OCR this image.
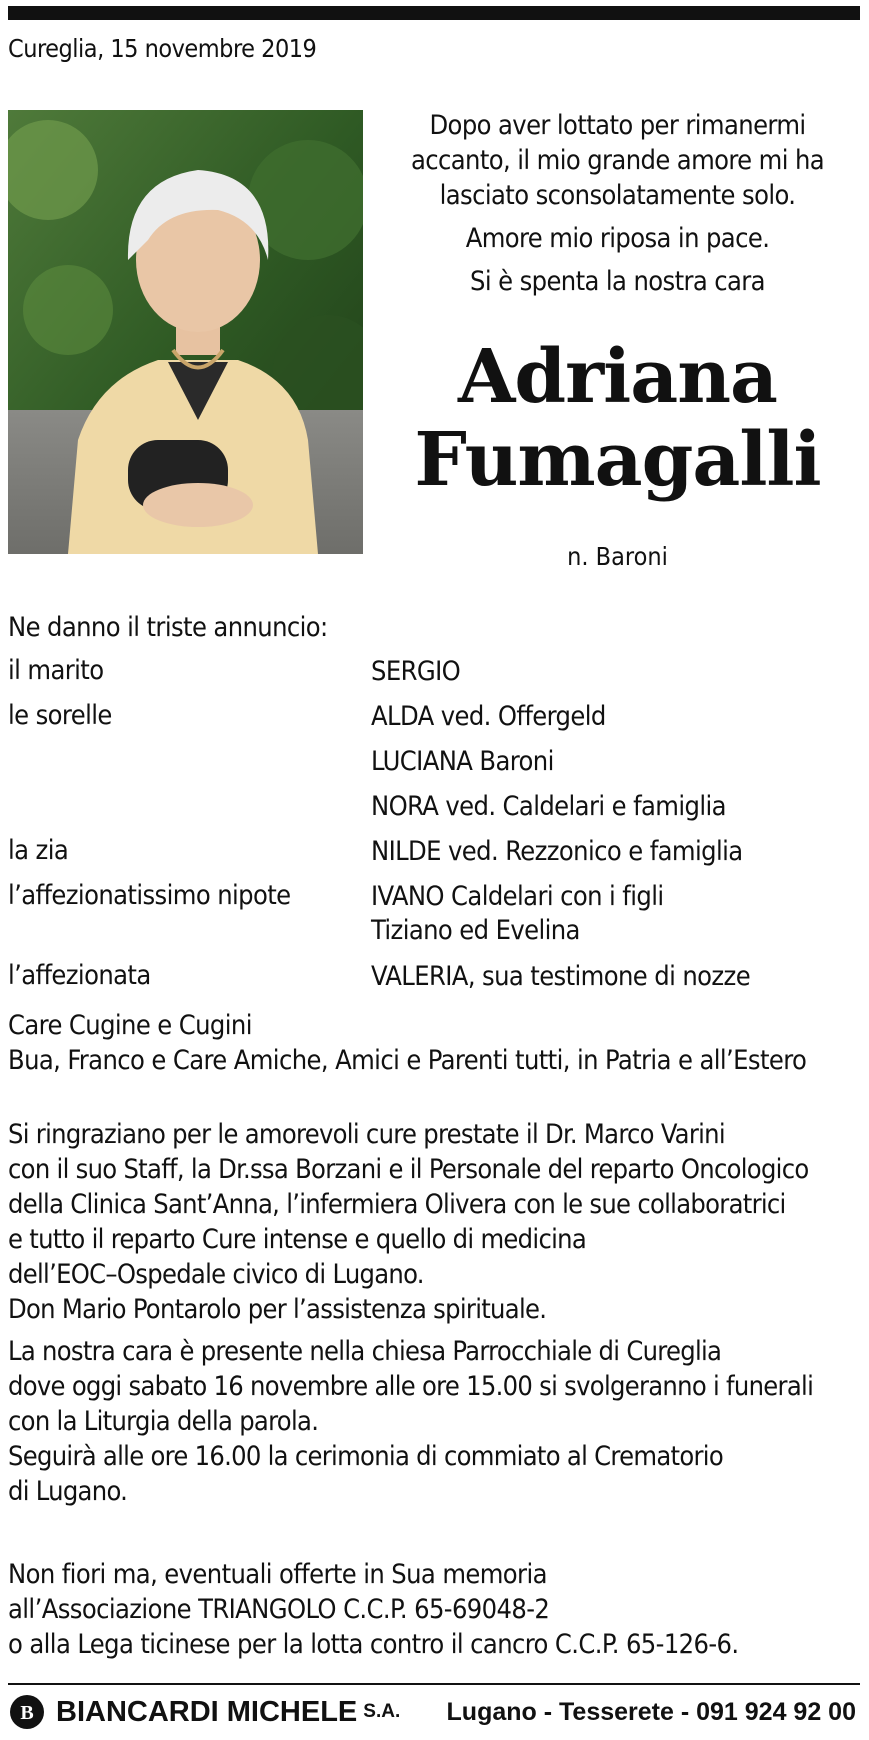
Cureglia, 15 novembre 2019
Dopo aver lottato per rimanermi
accanto, il mio grande amore mi ha
lasciato sconsolatamente solo.
Amore mio riposa in pace.
Si è spenta la nostra cara
Adriana
Fumagalli
n. Baroni
Ne danno il triste annuncio:
il marito	SERGIO
le sorelle	ALDA ved. Offergeld
LUCIANA Baroni
NORA ved. Caldelari e famiglia
la zia	NILDE ved. Rezzonico e famiglia
l’affezionatissimo nipote	IVANO Caldelari con i figli
Tiziano ed Evelina
l’affezionata	VALERIA, sua testimone di nozze
Care Cugine e Cugini
Bua, Franco e Care Amiche, Amici e Parenti tutti, in Patria e all’Estero
Si ringraziano per le amorevoli cure prestate il Dr. Marco Varini
con il suo Staff, la Dr.ssa Borzani e il Personale del reparto Oncologico
della Clinica Sant’Anna, l’infermiera Olivera con le sue collaboratrici
e tutto il reparto Cure intense e quello di medicina
dell’EOC–Ospedale civico di Lugano.
Don Mario Pontarolo per l’assistenza spirituale.
La nostra cara è presente nella chiesa Parrocchiale di Cureglia
dove oggi sabato 16 novembre alle ore 15.00 si svolgeranno i funerali
con la Liturgia della parola.
Seguirà alle ore 16.00 la cerimonia di commiato al Crematorio
di Lugano.
Non fiori ma, eventuali offerte in Sua memoria
all’Associazione TRIANGOLO C.C.P. 65-69048-2
o alla Lega ticinese per la lotta contro il cancro C.C.P. 65-126-6.
B BIANCARDI MICHELE S.A. Lugano - Tesserete - 091 924 92 00
